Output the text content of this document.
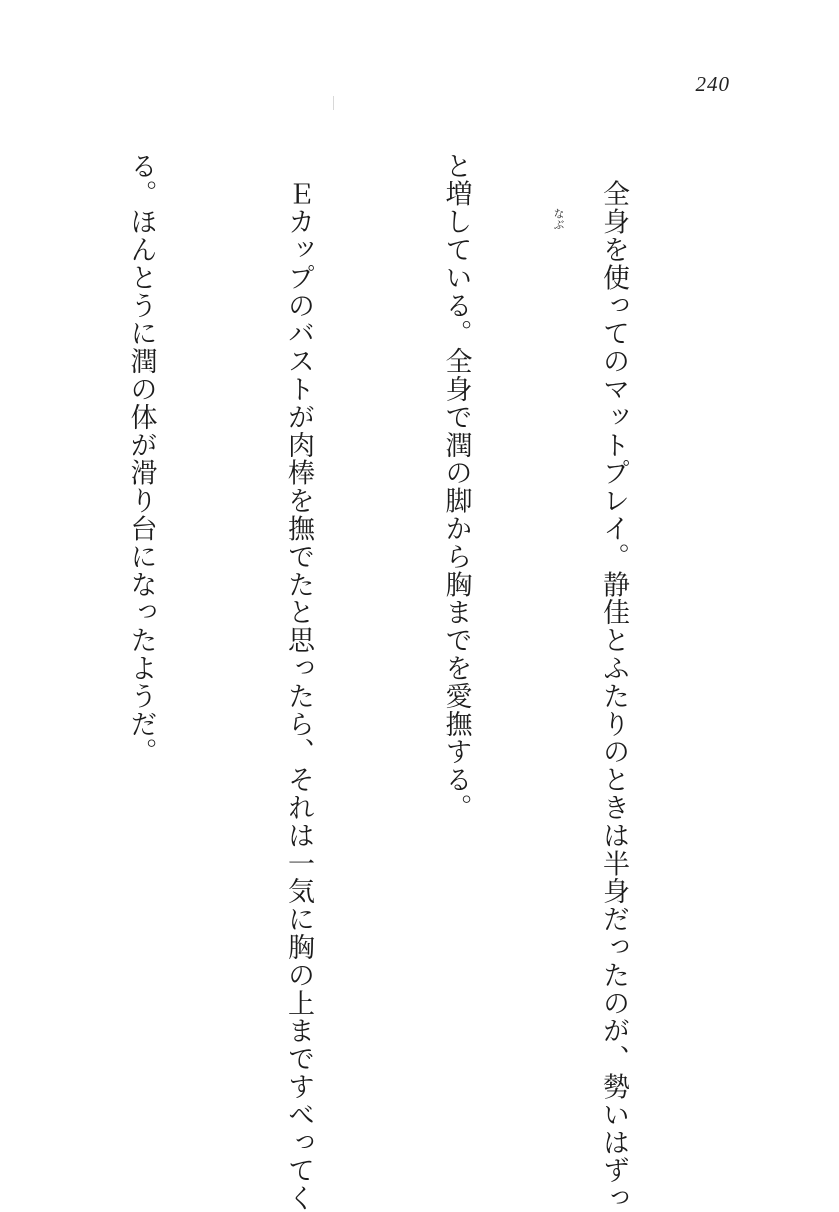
240

　全身を使ってのマットプレイ。静佳とふたりのときは半身だったのが、勢いはずっ

と増している。全身で潤の脚から胸までを愛撫する。

　Ｅカップのバストが肉棒を撫でたと思ったら、それは一気に胸の上まですべってく

る。ほんとうに潤の体が滑り台になったようだ。

	なぶ
